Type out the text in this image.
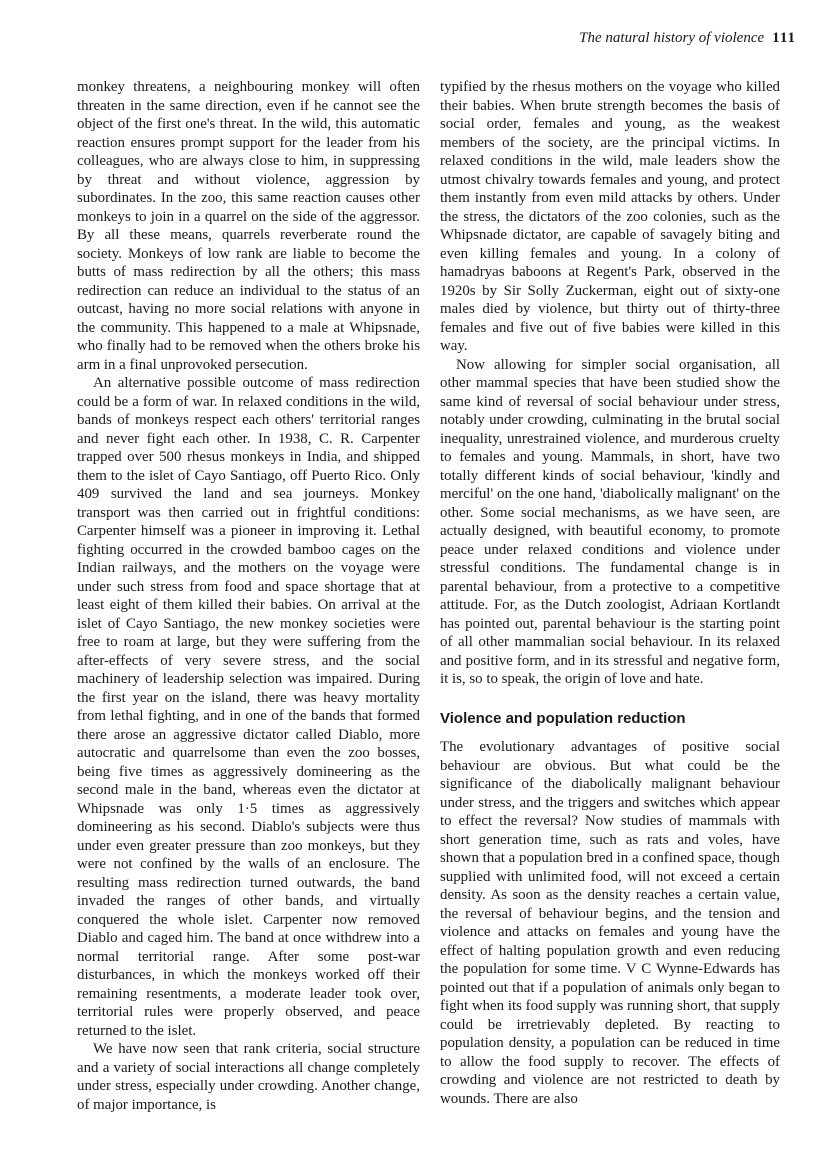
The natural history of violence 111

monkey threatens, a neighbouring monkey will often threaten in the same direction, even if he cannot see the object of the first one's threat. In the wild, this automatic reaction ensures prompt support for the leader from his colleagues, who are always close to him, in suppressing by threat and without violence, aggression by subordinates. In the zoo, this same reaction causes other monkeys to join in a quarrel on the side of the aggressor. By all these means, quarrels reverberate round the society. Monkeys of low rank are liable to become the butts of mass redirection by all the others; this mass redirection can reduce an individual to the status of an outcast, having no more social relations with anyone in the community. This happened to a male at Whipsnade, who finally had to be removed when the others broke his arm in a final unprovoked persecution.

An alternative possible outcome of mass redirection could be a form of war. In relaxed conditions in the wild, bands of monkeys respect each others' territorial ranges and never fight each other. In 1938, C. R. Carpenter trapped over 500 rhesus monkeys in India, and shipped them to the islet of Cayo Santiago, off Puerto Rico. Only 409 survived the land and sea journeys. Monkey transport was then carried out in frightful conditions: Carpenter himself was a pioneer in improving it. Lethal fighting occurred in the crowded bamboo cages on the Indian railways, and the mothers on the voyage were under such stress from food and space shortage that at least eight of them killed their babies. On arrival at the islet of Cayo Santiago, the new monkey societies were free to roam at large, but they were suffering from the after-effects of very severe stress, and the social machinery of leadership selection was impaired. During the first year on the island, there was heavy mortality from lethal fighting, and in one of the bands that formed there arose an aggressive dictator called Diablo, more autocratic and quarrelsome than even the zoo bosses, being five times as aggressively domineering as the second male in the band, whereas even the dictator at Whipsnade was only 1·5 times as aggressively domineering as his second. Diablo's subjects were thus under even greater pressure than zoo monkeys, but they were not confined by the walls of an enclosure. The resulting mass redirection turned outwards, the band invaded the ranges of other bands, and virtually conquered the whole islet. Carpenter now removed Diablo and caged him. The band at once withdrew into a normal territorial range. After some post-war disturbances, in which the monkeys worked off their remaining resentments, a moderate leader took over, territorial rules were properly observed, and peace returned to the islet.

We have now seen that rank criteria, social structure and a variety of social interactions all change completely under stress, especially under crowding. Another change, of major importance, is

typified by the rhesus mothers on the voyage who killed their babies. When brute strength becomes the basis of social order, females and young, as the weakest members of the society, are the principal victims. In relaxed conditions in the wild, male leaders show the utmost chivalry towards females and young, and protect them instantly from even mild attacks by others. Under the stress, the dictators of the zoo colonies, such as the Whipsnade dictator, are capable of savagely biting and even killing females and young. In a colony of hamadryas baboons at Regent's Park, observed in the 1920s by Sir Solly Zuckerman, eight out of sixty-one males died by violence, but thirty out of thirty-three females and five out of five babies were killed in this way.

Now allowing for simpler social organisation, all other mammal species that have been studied show the same kind of reversal of social behaviour under stress, notably under crowding, culminating in the brutal social inequality, unrestrained violence, and murderous cruelty to females and young. Mammals, in short, have two totally different kinds of social behaviour, 'kindly and merciful' on the one hand, 'diabolically malignant' on the other. Some social mechanisms, as we have seen, are actually designed, with beautiful economy, to promote peace under relaxed conditions and violence under stressful conditions. The fundamental change is in parental behaviour, from a protective to a competitive attitude. For, as the Dutch zoologist, Adriaan Kortlandt has pointed out, parental behaviour is the starting point of all other mammalian social behaviour. In its relaxed and positive form, and in its stressful and negative form, it is, so to speak, the origin of love and hate.

Violence and population reduction

The evolutionary advantages of positive social behaviour are obvious. But what could be the significance of the diabolically malignant behaviour under stress, and the triggers and switches which appear to effect the reversal? Now studies of mammals with short generation time, such as rats and voles, have shown that a population bred in a confined space, though supplied with unlimited food, will not exceed a certain density. As soon as the density reaches a certain value, the reversal of behaviour begins, and the tension and violence and attacks on females and young have the effect of halting population growth and even reducing the population for some time. V C Wynne-Edwards has pointed out that if a population of animals only began to fight when its food supply was running short, that supply could be irretrievably depleted. By reacting to population density, a population can be reduced in time to allow the food supply to recover. The effects of crowding and violence are not restricted to death by wounds. There are also
